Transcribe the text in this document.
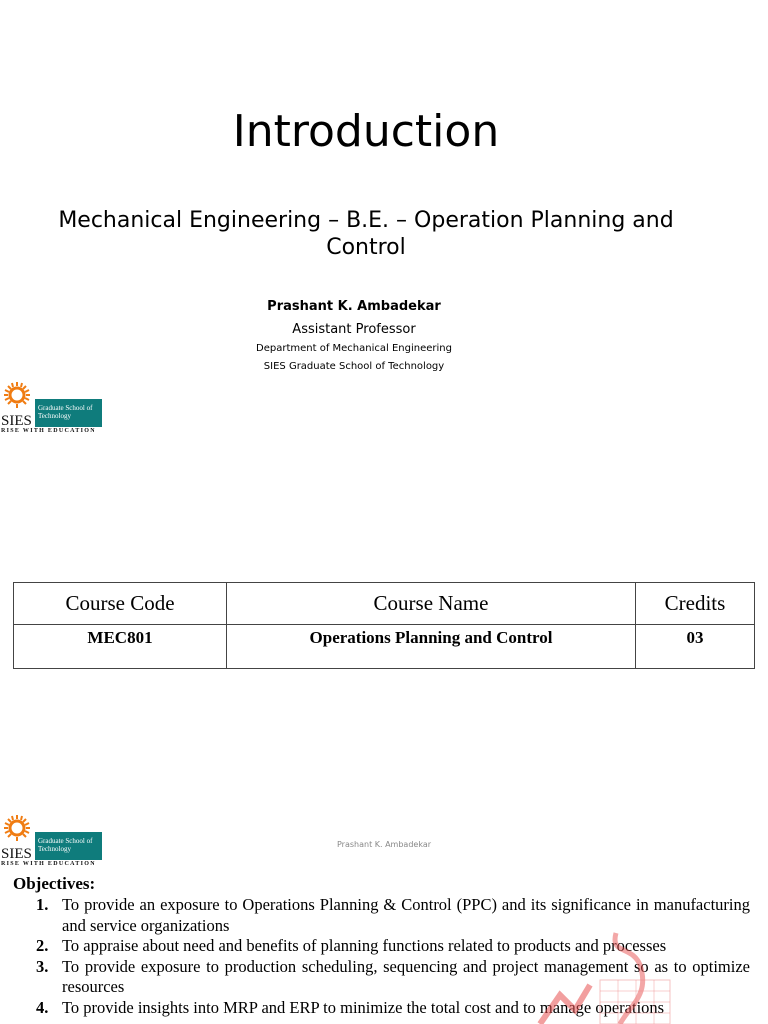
Introduction
Mechanical Engineering – B.E. – Operation Planning and Control
Prashant K. Ambadekar
Assistant Professor
Department of Mechanical Engineering
SIES Graduate School of Technology
SIES
Graduate School of
Technology
RISE WITH EDUCATION
Course Code	Course Name	Credits
MEC801	Operations Planning and Control	03
SIES
Graduate School of
Technology
RISE WITH EDUCATION
Prashant K. Ambadekar
Objectives:
1. To provide an exposure to Operations Planning & Control (PPC) and its significance in manufacturing and service organizations
2. To appraise about need and benefits of planning functions related to products and processes
3. To provide exposure to production scheduling, sequencing and project management so as to optimize resources
4. To provide insights into MRP and ERP to minimize the total cost and to manage operations
